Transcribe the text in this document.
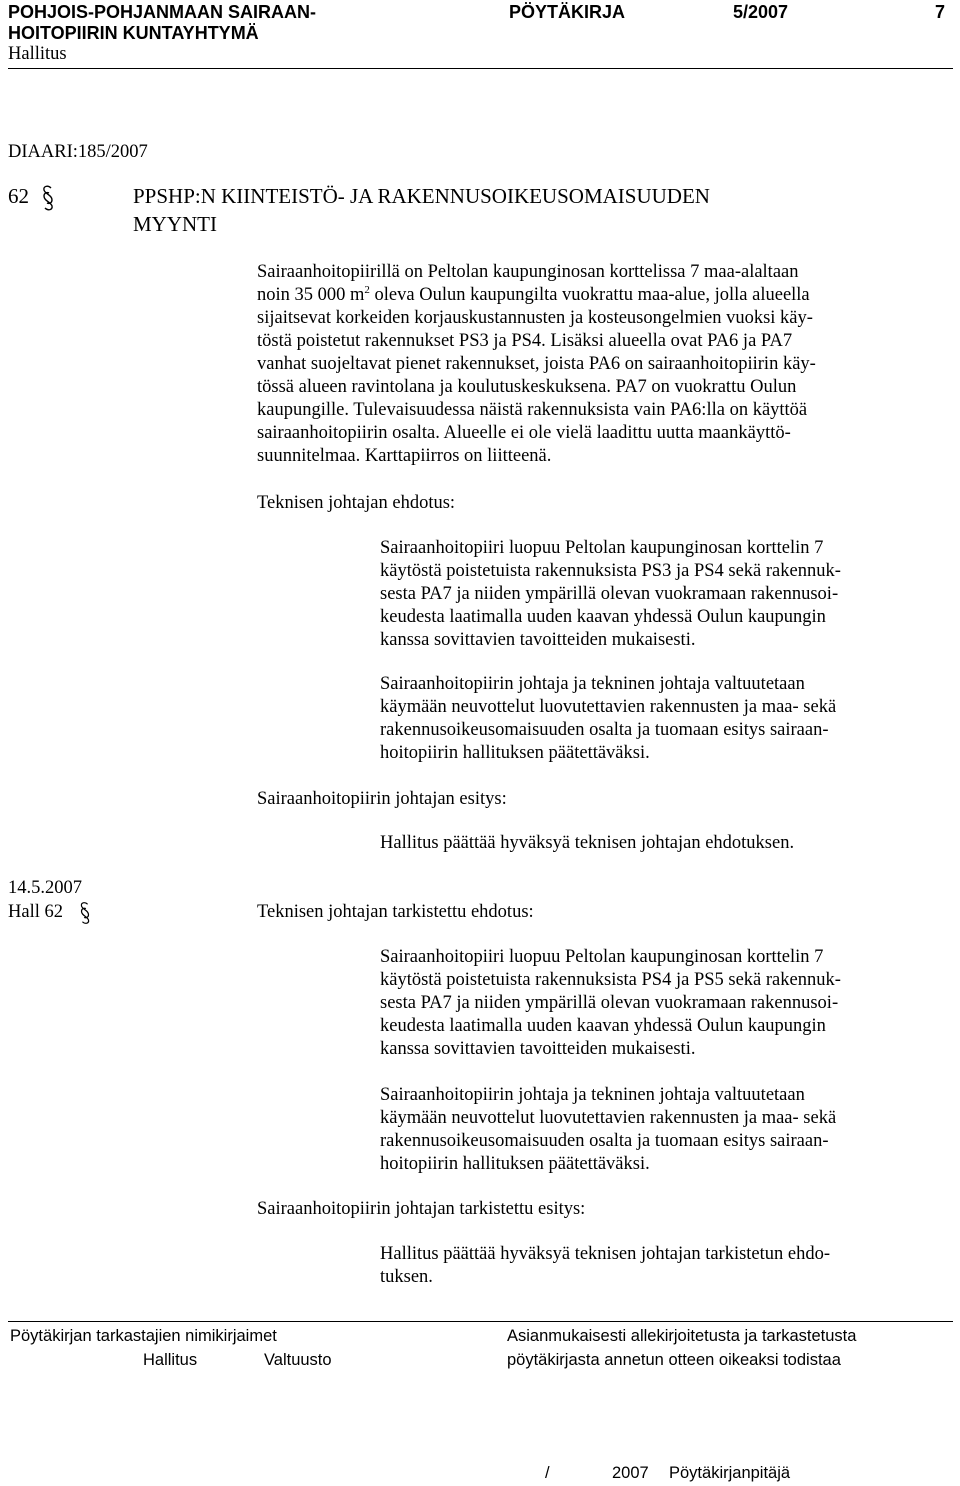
POHJOIS-POHJANMAAN SAIRAAN-
HOITOPIIRIN KUNTAYHTYMÄ
PÖYTÄKIRJA	5/2007	7
Hallitus
DIAARI:185/2007
62	PPSHP:N KIINTEISTÖ- JA RAKENNUSOIKEUSOMAISUUDEN
MYYNTI
Sairaanhoitopiirillä on Peltolan kaupunginosan korttelissa 7 maa-alaltaan
noin 35 000 $m^2$ oleva Oulun kaupungilta vuokrattu maa-alue, jolla alueella
sijaitsevat korkeiden korjauskustannusten ja kosteusongelmien vuoksi käy-
töstä poistetut rakennukset PS3 ja PS4. Lisäksi alueella ovat PA6 ja PA7
vanhat suojeltavat pienet rakennukset, joista PA6 on sairaanhoitopiirin käy-
tössä alueen ravintolana ja koulutuskeskuksena. PA7 on vuokrattu Oulun
kaupungille. Tulevaisuudessa näistä rakennuksista vain PA6:lla on käyttöä
sairaanhoitopiirin osalta. Alueelle ei ole vielä laadittu uutta maankäyttö-
suunnitelmaa. Karttapiirros on liitteenä.
Teknisen johtajan ehdotus:
Sairaanhoitopiiri luopuu Peltolan kaupunginosan korttelin 7
käytöstä poistetuista rakennuksista PS3 ja PS4 sekä rakennuk-
sesta PA7 ja niiden ympärillä olevan vuokramaan rakennusoi-
keudesta laatimalla uuden kaavan yhdessä Oulun kaupungin
kanssa sovittavien tavoitteiden mukaisesti.
Sairaanhoitopiirin johtaja ja tekninen johtaja valtuutetaan
käymään neuvottelut luovutettavien rakennusten ja maa- sekä
rakennusoikeusomaisuuden osalta ja tuomaan esitys sairaan-
hoitopiirin hallituksen päätettäväksi.
Sairaanhoitopiirin johtajan esitys:
Hallitus päättää hyväksyä teknisen johtajan ehdotuksen.
14.5.2007
Hall 62	Teknisen johtajan tarkistettu ehdotus:
Sairaanhoitopiiri luopuu Peltolan kaupunginosan korttelin 7
käytöstä poistetuista rakennuksista PS4 ja PS5 sekä rakennuk-
sesta PA7 ja niiden ympärillä olevan vuokramaan rakennusoi-
keudesta laatimalla uuden kaavan yhdessä Oulun kaupungin
kanssa sovittavien tavoitteiden mukaisesti.
Sairaanhoitopiirin johtaja ja tekninen johtaja valtuutetaan
käymään neuvottelut luovutettavien rakennusten ja maa- sekä
rakennusoikeusomaisuuden osalta ja tuomaan esitys sairaan-
hoitopiirin hallituksen päätettäväksi.
Sairaanhoitopiirin johtajan tarkistettu esitys:
Hallitus päättää hyväksyä teknisen johtajan tarkistetun ehdo-
tuksen.
Pöytäkirjan tarkastajien nimikirjaimet
Hallitus	Valtuusto
Asianmukaisesti allekirjoitetusta ja tarkastetusta
pöytäkirjasta annetun otteen oikeaksi todistaa
/	2007 Pöytäkirjanpitäjä
